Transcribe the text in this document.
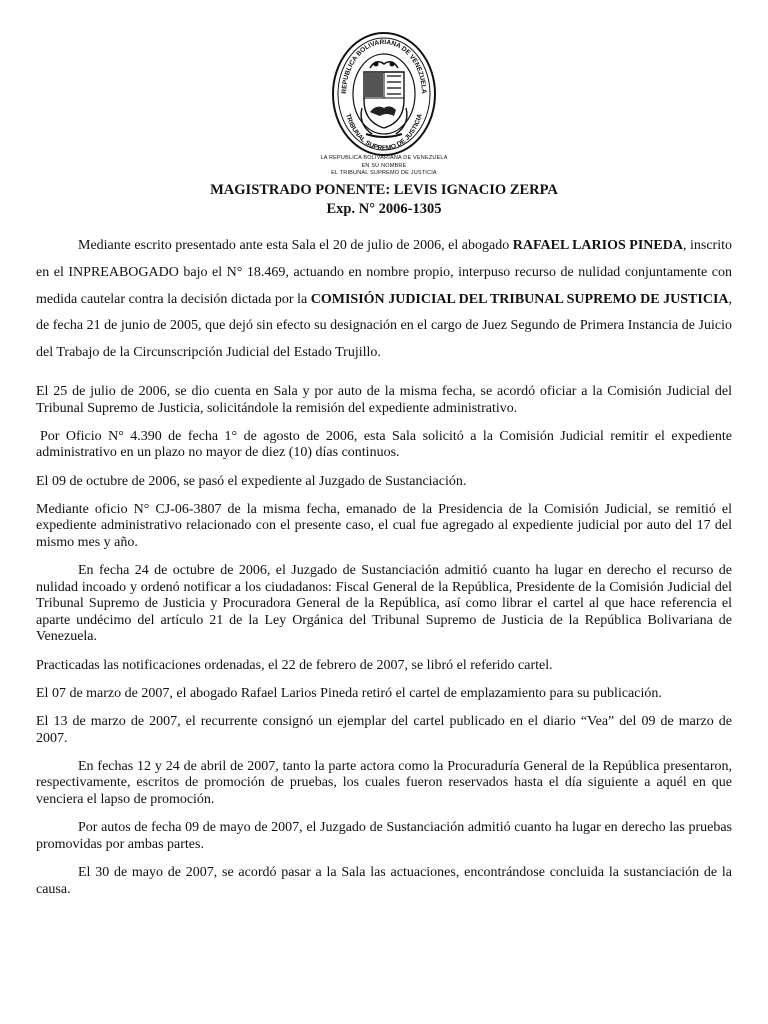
REPUBLICA BOLIVARIANA DE VENEZUELA
TRIBUNAL SUPREMO DE JUSTICIA
LA REPUBLICA BOLIVARIANA DE VENEZUELA
EN SU NOMBRE
EL TRIBUNAL SUPREMO DE JUSTICIA
MAGISTRADO PONENTE: LEVIS IGNACIO ZERPA
Exp. N° 2006-1305

Mediante escrito presentado ante esta Sala el 20 de julio de 2006, el abogado RAFAEL LARIOS PINEDA, inscrito en el INPREABOGADO bajo el N° 18.469, actuando en nombre propio, interpuso recurso de nulidad conjuntamente con medida cautelar contra la decisión dictada por la COMISIÓN JUDICIAL DEL TRIBUNAL SUPREMO DE JUSTICIA, de fecha 21 de junio de 2005, que dejó sin efecto su designación en el cargo de Juez Segundo de Primera Instancia de Juicio del Trabajo de la Circunscripción Judicial del Estado Trujillo.

El 25 de julio de 2006, se dio cuenta en Sala y por auto de la misma fecha, se acordó oficiar a la Comisión Judicial del Tribunal Supremo de Justicia, solicitándole la remisión del expediente administrativo.

Por Oficio N° 4.390 de fecha 1° de agosto de 2006, esta Sala solicitó a la Comisión Judicial remitir el expediente administrativo en un plazo no mayor de diez (10) días continuos.

El 09 de octubre de 2006, se pasó el expediente al Juzgado de Sustanciación.

Mediante oficio N° CJ-06-3807 de la misma fecha, emanado de la Presidencia de la Comisión Judicial, se remitió el expediente administrativo relacionado con el presente caso, el cual fue agregado al expediente judicial por auto del 17 del mismo mes y año.

En fecha 24 de octubre de 2006, el Juzgado de Sustanciación admitió cuanto ha lugar en derecho el recurso de nulidad incoado y ordenó notificar a los ciudadanos: Fiscal General de la República, Presidente de la Comisión Judicial del Tribunal Supremo de Justicia y Procuradora General de la República, así como librar el cartel al que hace referencia el aparte undécimo del artículo 21 de la Ley Orgánica del Tribunal Supremo de Justicia de la República Bolivariana de Venezuela.

Practicadas las notificaciones ordenadas, el 22 de febrero de 2007, se libró el referido cartel.

El 07 de marzo de 2007, el abogado Rafael Larios Pineda retiró el cartel de emplazamiento para su publicación.

El 13 de marzo de 2007, el recurrente consignó un ejemplar del cartel publicado en el diario “Vea” del 09 de marzo de 2007.

En fechas 12 y 24 de abril de 2007, tanto la parte actora como la Procuraduría General de la República presentaron, respectivamente, escritos de promoción de pruebas, los cuales fueron reservados hasta el día siguiente a aquél en que venciera el lapso de promoción.

Por autos de fecha 09 de mayo de 2007, el Juzgado de Sustanciación admitió cuanto ha lugar en derecho las pruebas promovidas por ambas partes.

El 30 de mayo de 2007, se acordó pasar a la Sala las actuaciones, encontrándose concluida la sustanciación de la causa.
